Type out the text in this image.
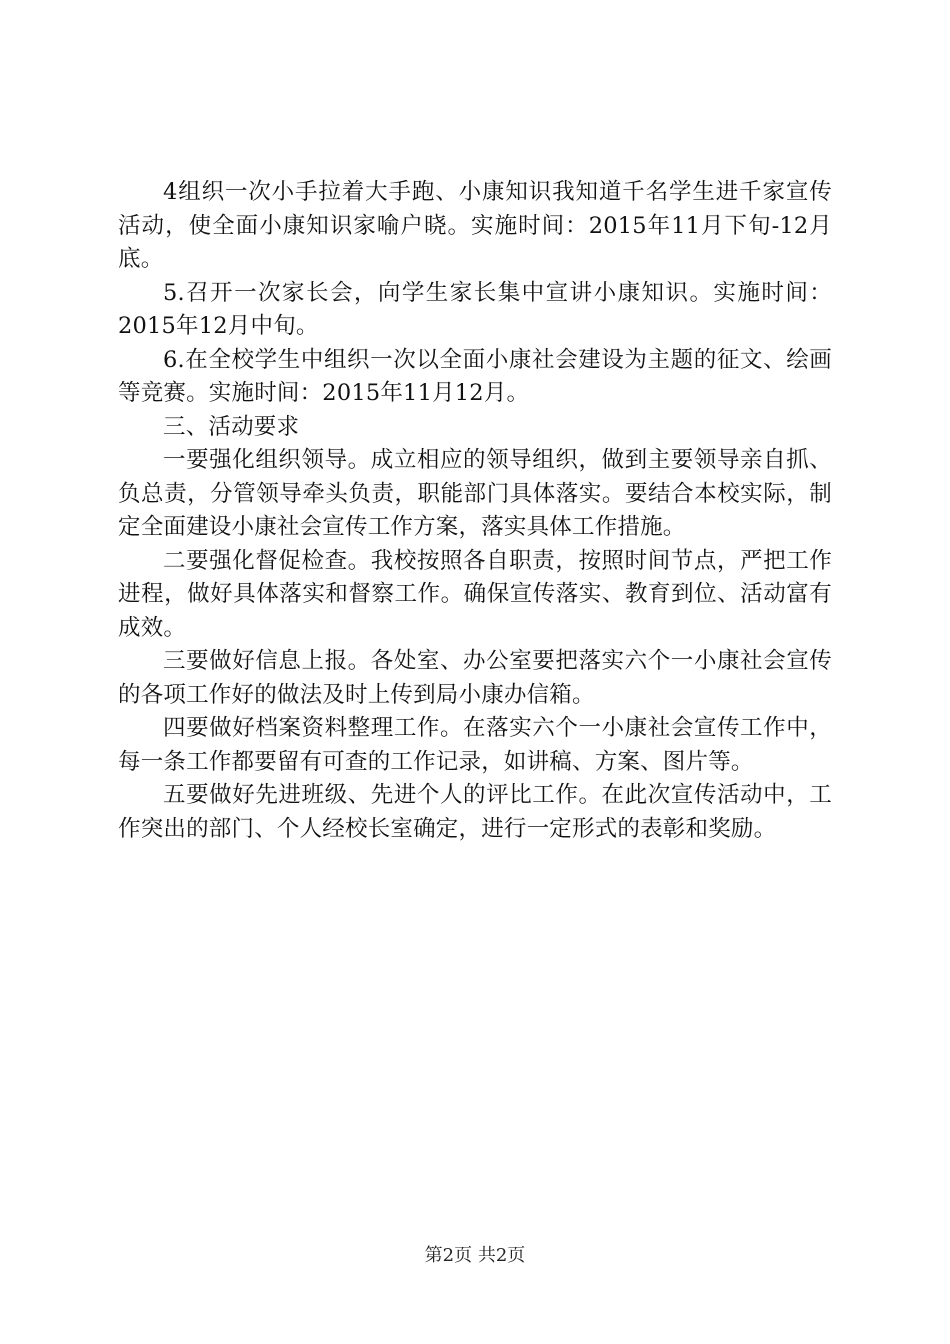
4组织一次小手拉着大手跑、小康知识我知道千名学生进千家宣传活动，使全面小康知识家喻户晓。实施时间：2015年11月下旬-12月底。

5.召开一次家长会，向学生家长集中宣讲小康知识。实施时间：2015年12月中旬。

6.在全校学生中组织一次以全面小康社会建设为主题的征文、绘画等竞赛。实施时间：2015年11月12月。

三、活动要求

一要强化组织领导。成立相应的领导组织，做到主要领导亲自抓、负总责，分管领导牵头负责，职能部门具体落实。要结合本校实际，制定全面建设小康社会宣传工作方案，落实具体工作措施。

二要强化督促检查。我校按照各自职责，按照时间节点，严把工作进程，做好具体落实和督察工作。确保宣传落实、教育到位、活动富有成效。

三要做好信息上报。各处室、办公室要把落实六个一小康社会宣传的各项工作好的做法及时上传到局小康办信箱。

四要做好档案资料整理工作。在落实六个一小康社会宣传工作中，每一条工作都要留有可查的工作记录，如讲稿、方案、图片等。

五要做好先进班级、先进个人的评比工作。在此次宣传活动中，工作突出的部门、个人经校长室确定，进行一定形式的表彰和奖励。

第2页 共2页
